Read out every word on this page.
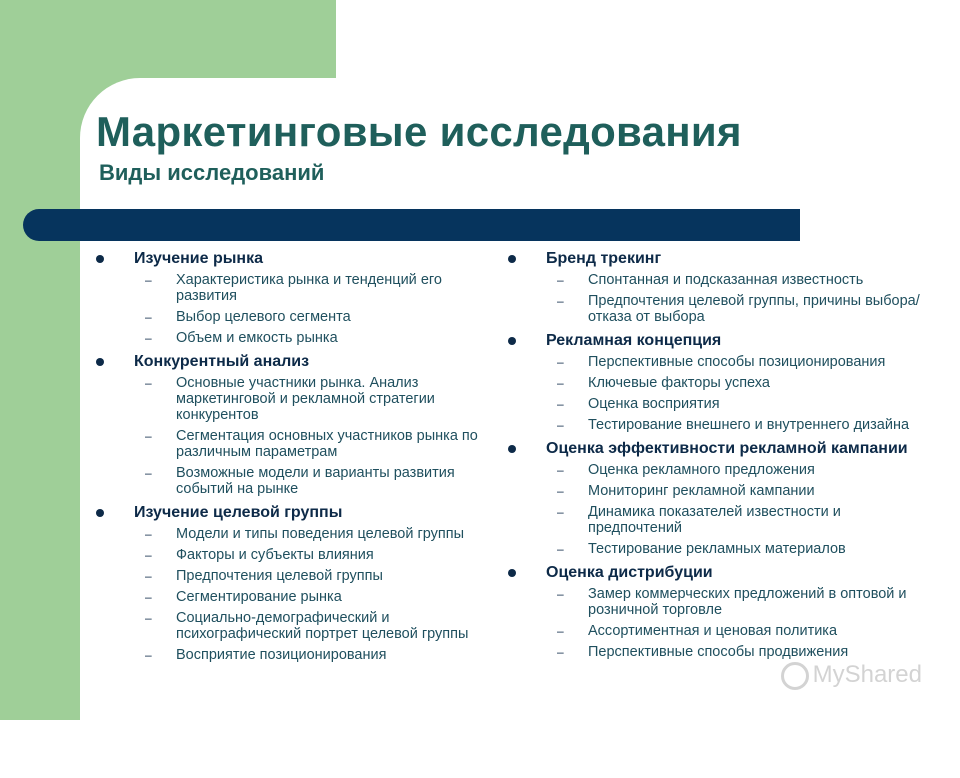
Маркетинговые исследования
Виды исследований
Изучение рынка
– Характеристика рынка и тенденций его развития
– Выбор целевого сегмента
– Объем и емкость рынка
Конкурентный анализ
– Основные участники рынка. Анализ маркетинговой и рекламной стратегии конкурентов
– Сегментация основных участников рынка по различным параметрам
– Возможные модели и варианты развития событий на рынке
Изучение целевой группы
– Модели и типы поведения целевой группы
– Факторы и субъекты влияния
– Предпочтения целевой группы
– Сегментирование рынка
– Социально-демографический и психографический портрет целевой группы
– Восприятие позиционирования
Бренд трекинг
– Спонтанная и подсказанная известность
– Предпочтения целевой группы, причины выбора/отказа от выбора
Рекламная концепция
– Перспективные способы позиционирования
– Ключевые факторы успеха
– Оценка восприятия
– Тестирование внешнего и внутреннего дизайна
Оценка эффективности рекламной кампании
– Оценка рекламного предложения
– Мониторинг рекламной кампании
– Динамика показателей известности и предпочтений
– Тестирование рекламных материалов
Оценка дистрибуции
– Замер коммерческих предложений в оптовой и розничной торговле
– Ассортиментная и ценовая политика
– Перспективные способы продвижения
MyShared
